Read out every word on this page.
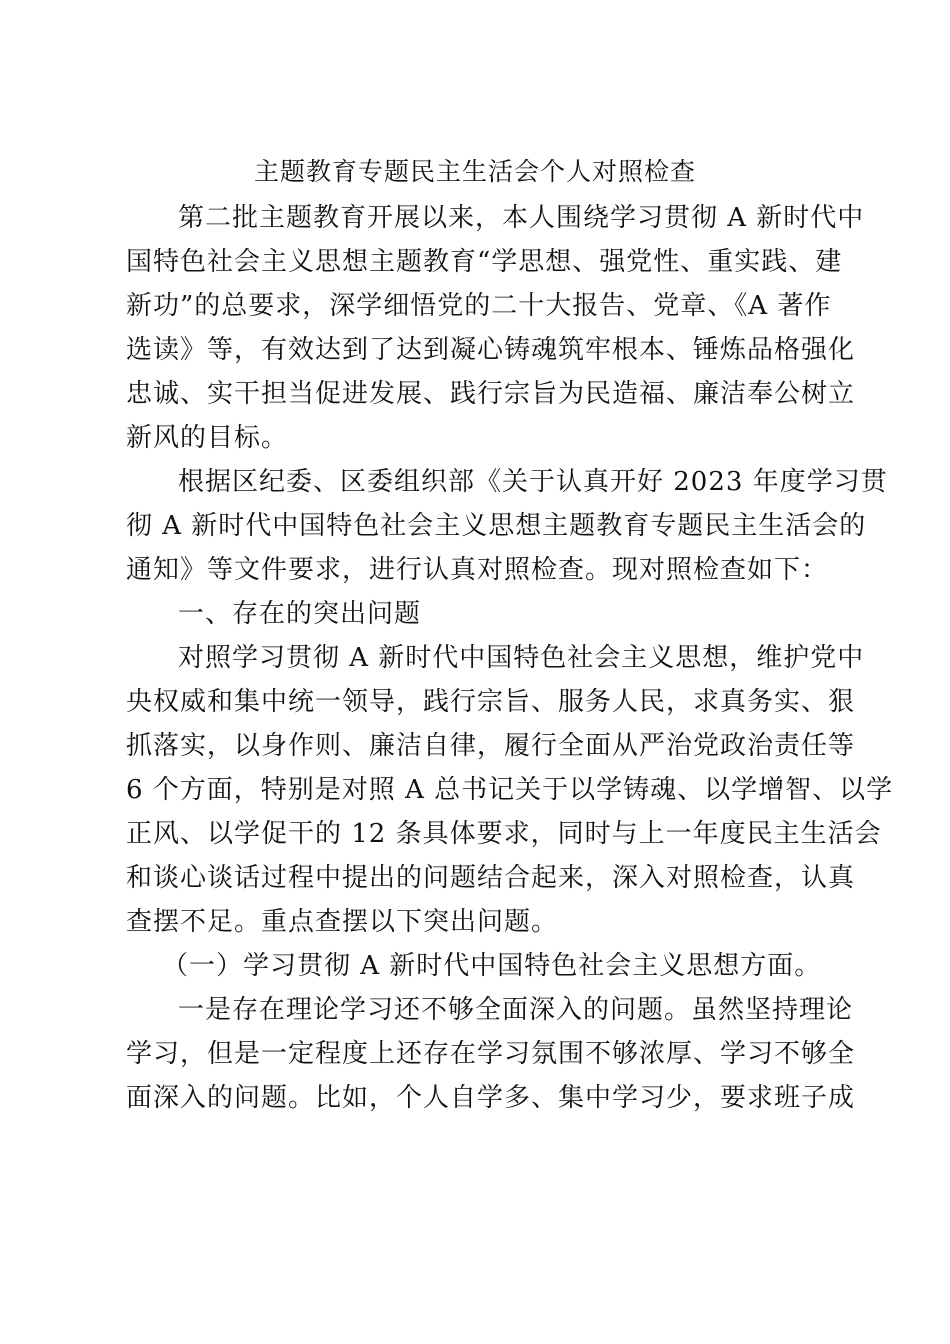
主题教育专题民主生活会个人对照检查
第二批主题教育开展以来，本人围绕学习贯彻 A 新时代中
国特色社会主义思想主题教育“学思想、强党性、重实践、建
新功”的总要求，深学细悟党的二十大报告、党章、《A 著作
选读》等，有效达到了达到凝心铸魂筑牢根本、锤炼品格强化
忠诚、实干担当促进发展、践行宗旨为民造福、廉洁奉公树立
新风的目标。
根据区纪委、区委组织部《关于认真开好 2023 年度学习贯
彻 A 新时代中国特色社会主义思想主题教育专题民主生活会的
通知》等文件要求，进行认真对照检查。现对照检查如下：
一、存在的突出问题
对照学习贯彻 A 新时代中国特色社会主义思想，维护党中
央权威和集中统一领导，践行宗旨、服务人民，求真务实、狠
抓落实，以身作则、廉洁自律，履行全面从严治党政治责任等
6 个方面，特别是对照 A 总书记关于以学铸魂、以学增智、以学
正风、以学促干的 12 条具体要求，同时与上一年度民主生活会
和谈心谈话过程中提出的问题结合起来，深入对照检查，认真
查摆不足。重点查摆以下突出问题。
（一）学习贯彻 A 新时代中国特色社会主义思想方面。
一是存在理论学习还不够全面深入的问题。虽然坚持理论
学习，但是一定程度上还存在学习氛围不够浓厚、学习不够全
面深入的问题。比如，个人自学多、集中学习少，要求班子成
